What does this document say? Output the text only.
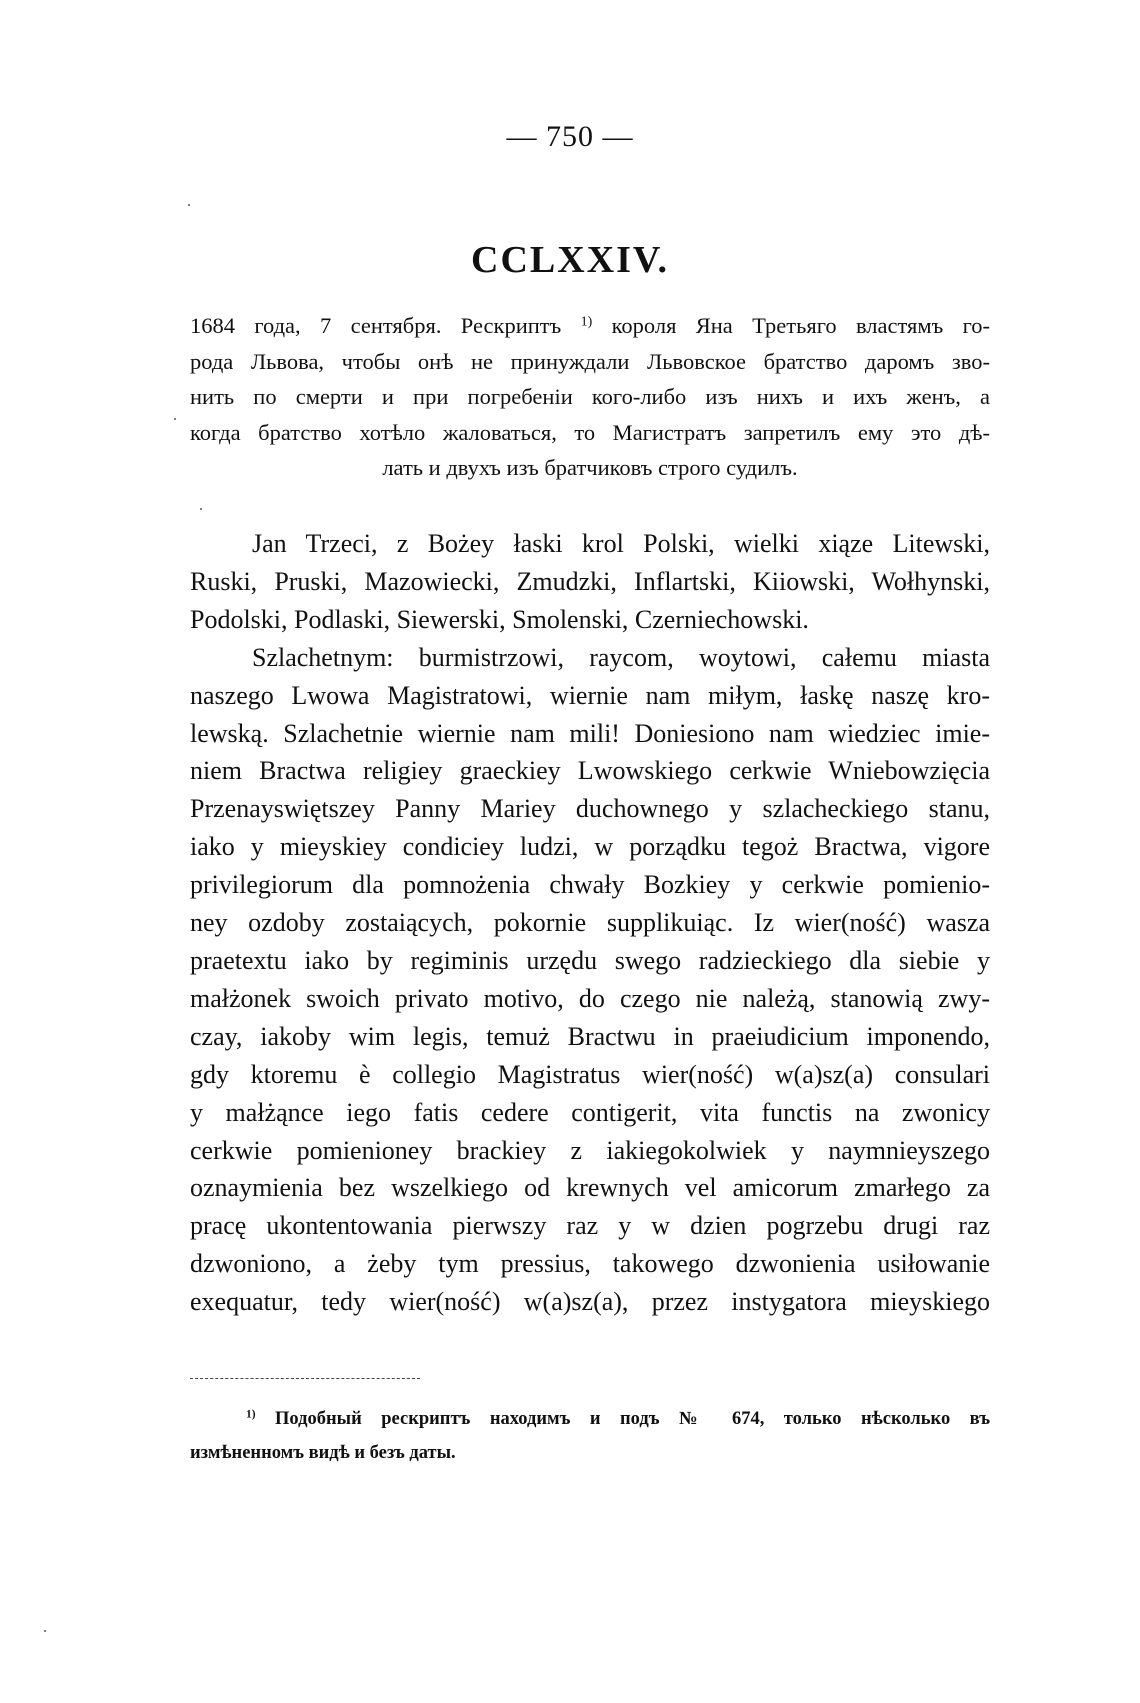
— 750 —
CCLXXIV.
1684 года, 7 сентября. Рескриптъ $^{1)}$ короля Яна Третьяго властямъ го-
рода Львова, чтобы онѣ не принуждали Львовское братство даромъ зво-
нить по смерти и при погребеніи кого-либо изъ нихъ и ихъ женъ, а
когда братство хотѣло жаловаться, то Магистратъ запретилъ ему это дѣ-
лать и двухъ изъ братчиковъ строго судилъ.
Jan Trzeci, z Bożey łaski krol Polski, wielki xiąze Litewski,
Ruski, Pruski, Mazowiecki, Zmudzki, Inflartski, Kiiowski, Wołhynski,
Podolski, Podlaski, Siewerski, Smolenski, Czerniechowski.
Szlachetnym: burmistrzowi, raycom, woytowi, całemu miasta
naszego Lwowa Magistratowi, wiernie nam miłym, łaskę naszę kro-
lewską. Szlachetnie wiernie nam mili! Doniesiono nam wiedziec imie-
niem Bractwa religiey graeckiey Lwowskiego cerkwie Wniebowzięcia
Przenayswiętszey Panny Mariey duchownego y szlacheckiego stanu,
iako y mieyskiey condiciey ludzi, w porządku tegoż Bractwa, vigore
privilegiorum dla pomnożenia chwały Bozkiey y cerkwie pomienio-
ney ozdoby zostaiących, pokornie supplikuiąc. Iz wier(ność) wasza
praetextu iako by regiminis urzędu swego radzieckiego dla siebie y
małżonek swoich privato motivo, do czego nie należą, stanowią zwy-
czay, iakoby wim legis, temuż Bractwu in praeiudicium imponendo,
gdy ktoremu è collegio Magistratus wier(ność) w(a)sz(a) consulari
y małżąnce iego fatis cedere contigerit, vita functis na zwonicy
cerkwie pomienioney brackiey z iakiegokolwiek y naymnieyszego
oznaymienia bez wszelkiego od krewnych vel amicorum zmarłego za
pracę ukontentowania pierwszy raz y w dzien pogrzebu drugi raz
dzwoniono, a żeby tym pressius, takowego dzwonienia usiłowanie
exequatur, tedy wier(ność) w(a)sz(a), przez instygatora mieyskiego
$^{1)}$ Подобный рескриптъ находимъ и подъ № 674, только нѣсколько въ
измѣненномъ видѣ и безъ даты.
